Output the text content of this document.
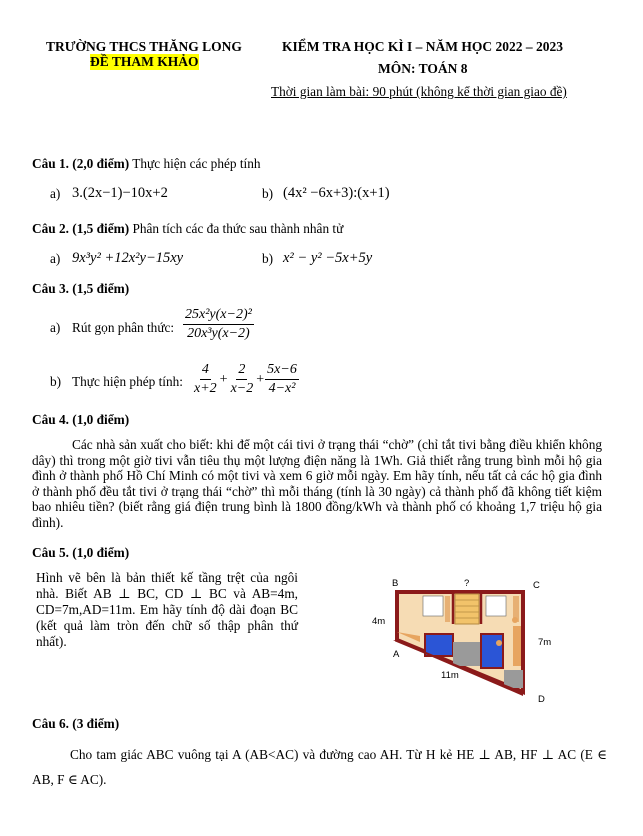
TRƯỜNG THCS THĂNG LONG
ĐỀ THAM KHẢO
KIỂM TRA HỌC KÌ I – NĂM HỌC 2022 – 2023
MÔN: TOÁN 8
Thời gian làm bài: 90 phút (không kể thời gian giao đề)
Câu 1. (2,0 điểm) Thực hiện các phép tính
a) 3.(2x−1)−10x+2	b) (4x² −6x+3):(x+1)
Câu 2. (1,5 điểm) Phân tích các đa thức sau thành nhân tử
a) 9x³y² +12x²y−15xy	b) x² − y² −5x+5y
Câu 3. (1,5 điểm)
a) Rút gọn phân thức: $\frac{\text{25x²y(x−2)²}}{\text{20x³y(x−2)}}$
b) Thực hiện phép tính: $\frac{4}{x+2} + \frac{2}{x-2} + \frac{5x-6}{\text{4−x²}}$
Câu 4. (1,0 điểm)
Các nhà sản xuất cho biết: khi để một cái tivi ở trạng thái “chờ” (chỉ tắt tivi bằng điều khiển không dây) thì trong một giờ tivi vẫn tiêu thụ một lượng điện năng là 1Wh. Giả thiết rằng trung bình mỗi hộ gia đình ở thành phố Hồ Chí Minh có một tivi và xem 6 giờ mỗi ngày. Em hãy tính, nếu tất cả các hộ gia đình ở thành phố đều tắt tivi ở trạng thái “chờ” thì mỗi tháng (tính là 30 ngày) cả thành phố đã không tiết kiệm bao nhiêu tiền? (biết rằng giá điện trung bình là 1800 đồng/kWh và thành phố có khoảng 1,7 triệu hộ gia đình).
Câu 5. (1,0 điểm)
Hình vẽ bên là bản thiết kế tầng trệt của ngôi nhà. Biết AB ⊥ BC, CD ⊥ BC và AB=4m, CD=7m,AD=11m. Em hãy tính độ dài đoạn BC (kết quả làm tròn đến chữ số thập phân thứ nhất).
B	?	C
4m
A
7m
11m
D
Câu 6. (3 điểm)
Cho tam giác ABC vuông tại A (AB<AC) và đường cao AH. Từ H kẻ HE ⊥ AB, HF ⊥ AC (E ∈ AB, F ∈ AC).
